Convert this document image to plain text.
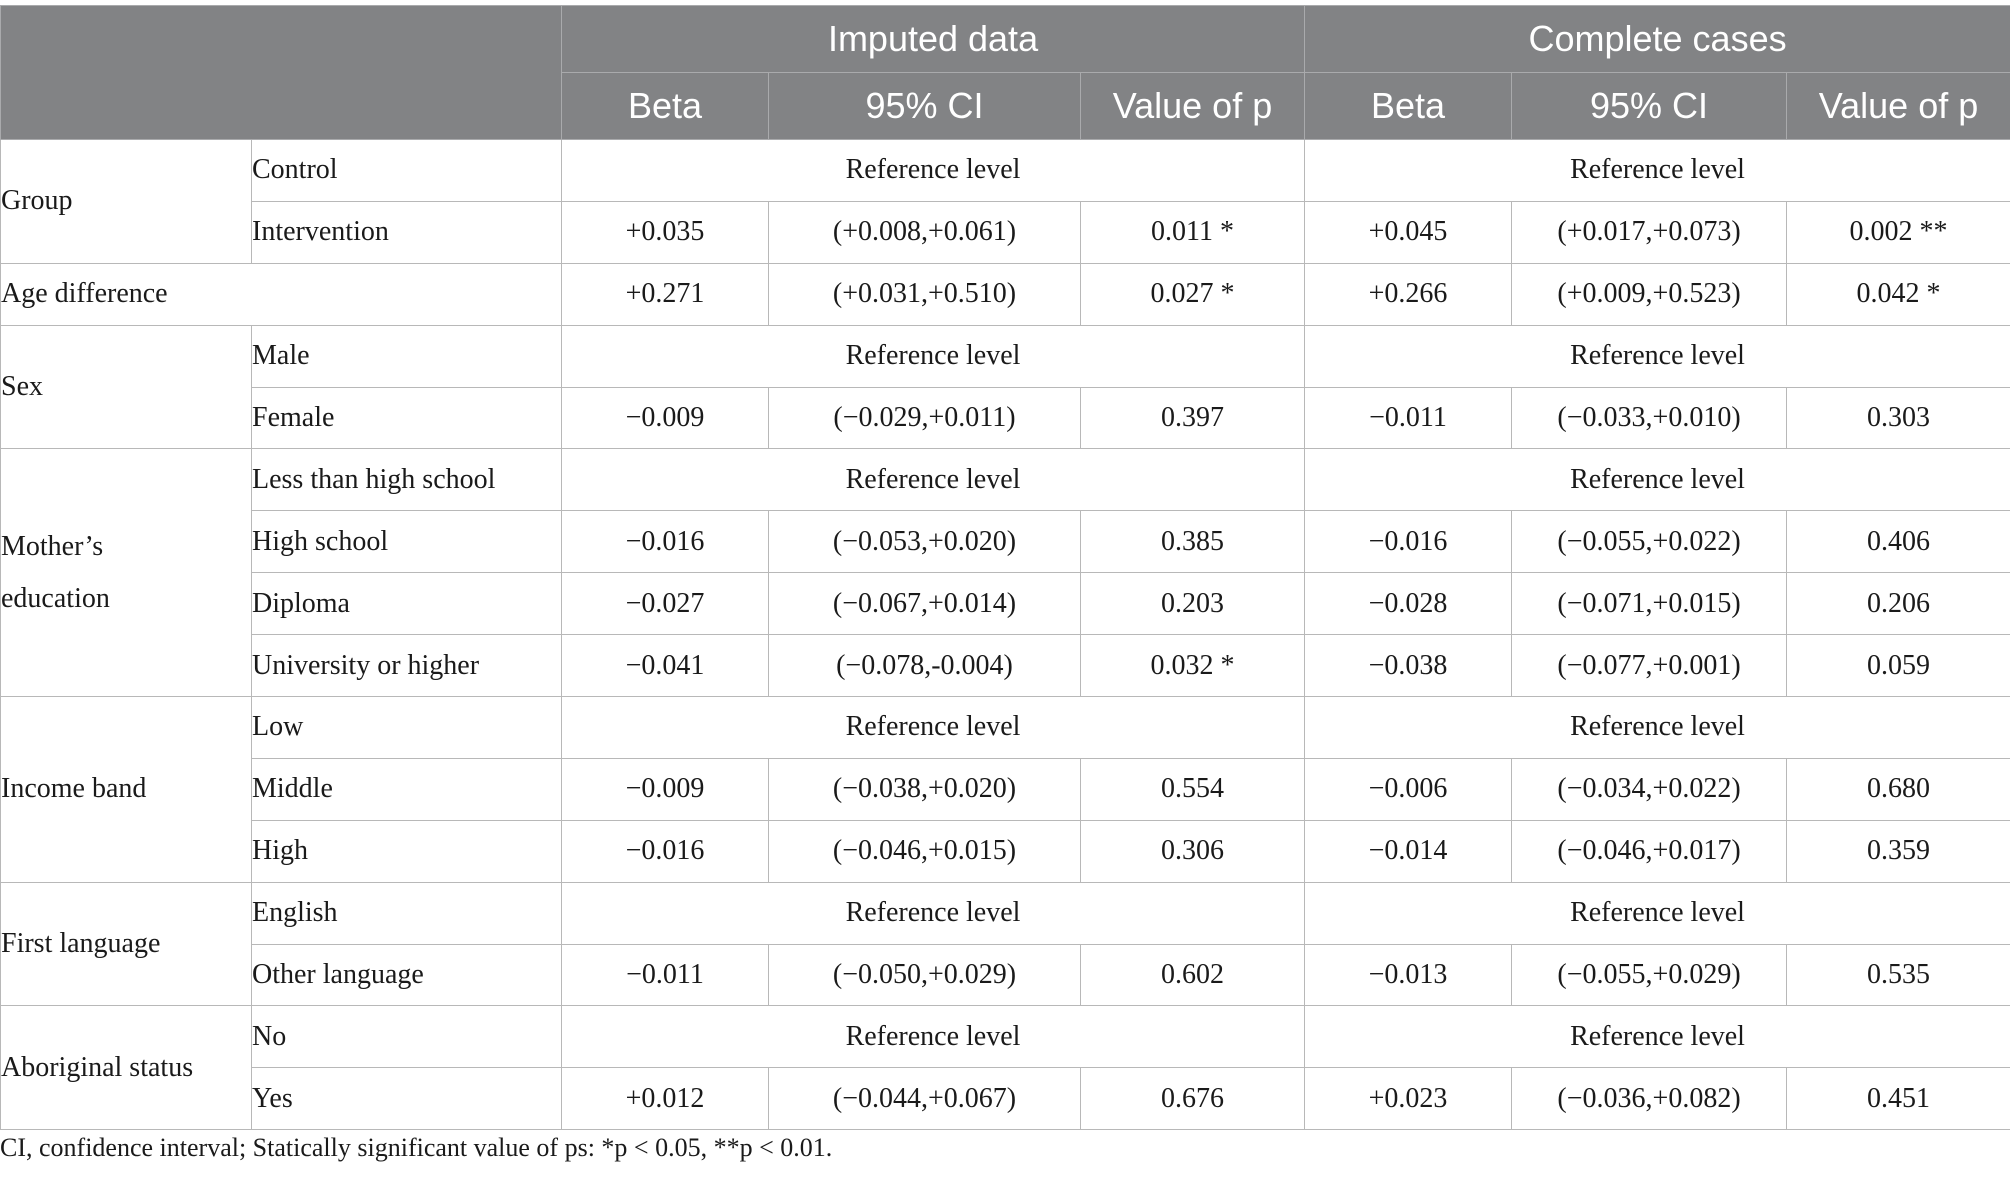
		Imputed data			Complete cases		
		Beta	95% CI	Value of p	Beta	95% CI	Value of p
Group	Control	Reference level			Reference level		
	Intervention	+0.035	(+0.008,+0.061)	0.011 *	+0.045	(+0.017,+0.073)	0.002 **
Age difference		+0.271	(+0.031,+0.510)	0.027 *	+0.266	(+0.009,+0.523)	0.042 *
Sex	Male	Reference level			Reference level		
	Female	−0.009	(−0.029,+0.011)	0.397	−0.011	(−0.033,+0.010)	0.303
Mother’s education	Less than high school	Reference level			Reference level		
	High school	−0.016	(−0.053,+0.020)	0.385	−0.016	(−0.055,+0.022)	0.406
	Diploma	−0.027	(−0.067,+0.014)	0.203	−0.028	(−0.071,+0.015)	0.206
	University or higher	−0.041	(−0.078,-0.004)	0.032 *	−0.038	(−0.077,+0.001)	0.059
Income band	Low	Reference level			Reference level		
	Middle	−0.009	(−0.038,+0.020)	0.554	−0.006	(−0.034,+0.022)	0.680
	High	−0.016	(−0.046,+0.015)	0.306	−0.014	(−0.046,+0.017)	0.359
First language	English	Reference level			Reference level		
	Other language	−0.011	(−0.050,+0.029)	0.602	−0.013	(−0.055,+0.029)	0.535
Aboriginal status	No	Reference level			Reference level		
	Yes	+0.012	(−0.044,+0.067)	0.676	+0.023	(−0.036,+0.082)	0.451
CI, confidence interval; Statically significant value of ps: *p < 0.05, **p < 0.01.
